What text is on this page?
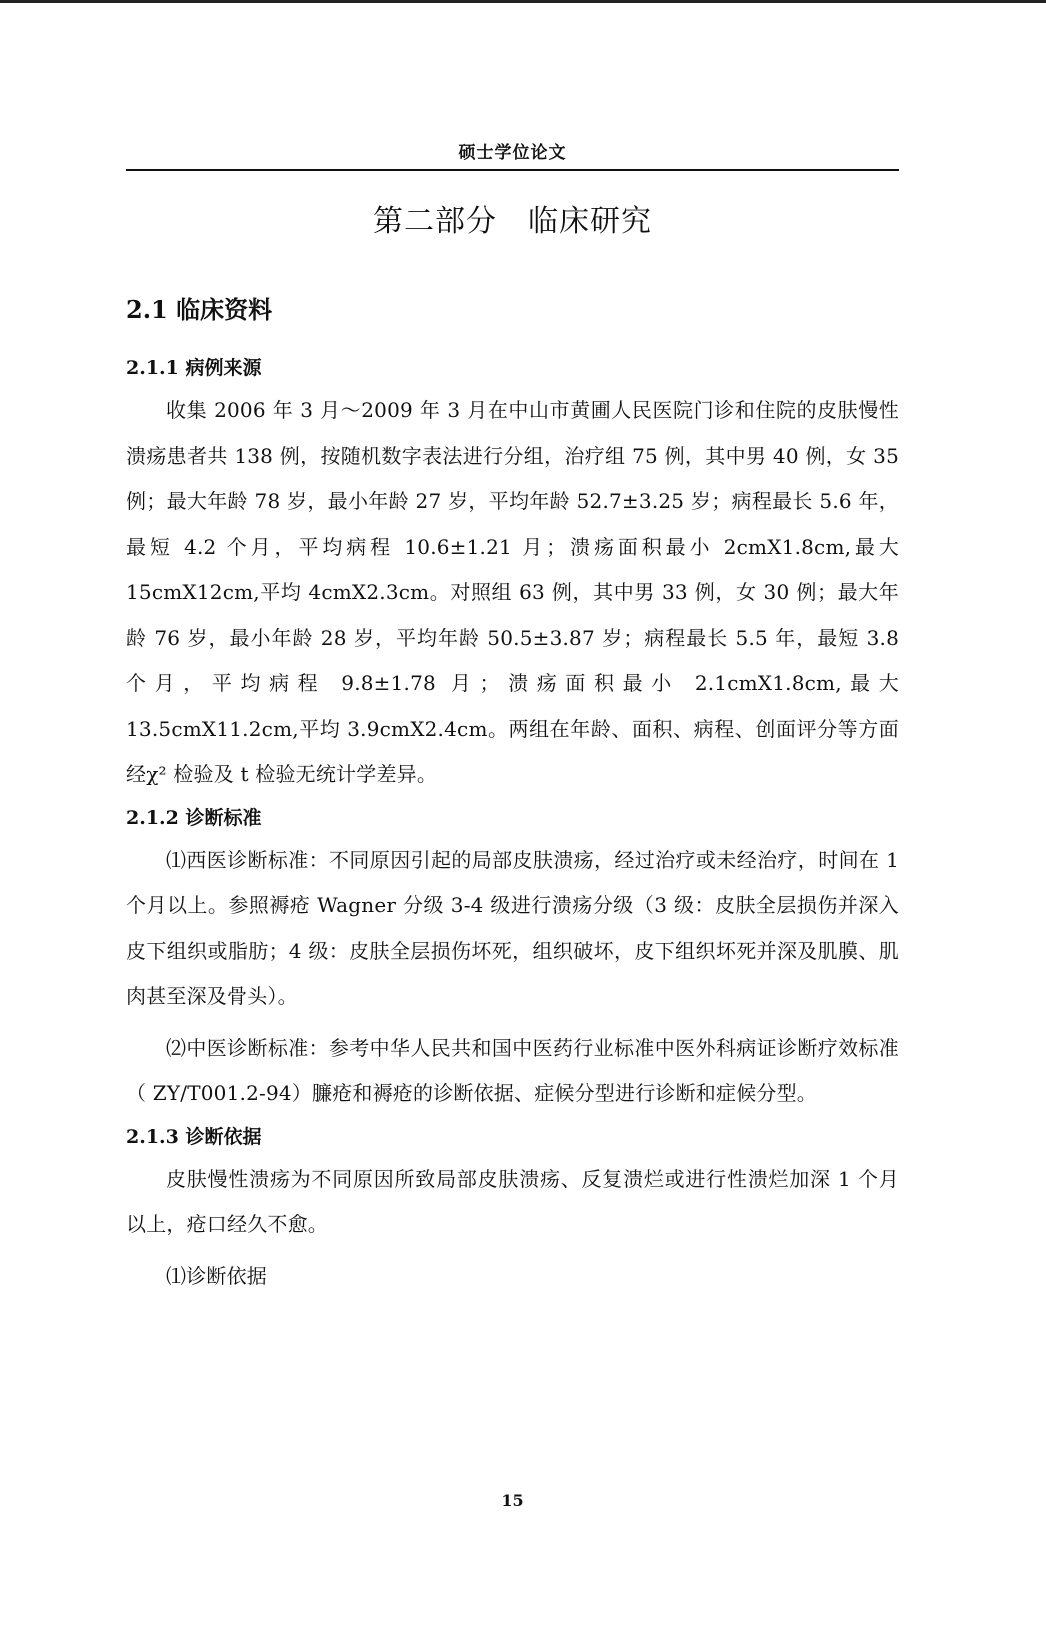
硕士学位论文
第二部分　临床研究
2.1 临床资料
2.1.1 病例来源

收集 2006 年 3 月～2009 年 3 月在中山市黄圃人民医院门诊和住院的皮肤慢性溃疡患者共 138 例，按随机数字表法进行分组，治疗组 75 例，其中男 40 例，女 35 例；最大年龄 78 岁，最小年龄 27 岁，平均年龄 52.7±3.25 岁；病程最长 5.6 年，最短 4.2 个月，平均病程 10.6±1.21 月；溃疡面积最小 2cmX1.8cm,最大 15cmX12cm,平均 4cmX2.3cm。对照组 63 例，其中男 33 例，女 30 例；最大年龄 76 岁，最小年龄 28 岁，平均年龄 50.5±3.87 岁；病程最长 5.5 年，最短 3.8 个月，平均病程 9.8±1.78 月；溃疡面积最小 2.1cmX1.8cm,最大 13.5cmX11.2cm,平均 3.9cmX2.4cm。两组在年龄、面积、病程、创面评分等方面经χ² 检验及 t 检验无统计学差异。

2.1.2 诊断标准

⑴西医诊断标准：不同原因引起的局部皮肤溃疡，经过治疗或未经治疗，时间在 1 个月以上。参照褥疮 Wagner 分级 3-4 级进行溃疡分级（3 级：皮肤全层损伤并深入皮下组织或脂肪；4 级：皮肤全层损伤坏死，组织破坏，皮下组织坏死并深及肌膜、肌肉甚至深及骨头）。

⑵中医诊断标准：参考中华人民共和国中医药行业标准中医外科病证诊断疗效标准（ ZY/T001.2-94）臁疮和褥疮的诊断依据、症候分型进行诊断和症候分型。

2.1.3 诊断依据

皮肤慢性溃疡为不同原因所致局部皮肤溃疡、反复溃烂或进行性溃烂加深 1 个月以上，疮口经久不愈。

⑴诊断依据

15
